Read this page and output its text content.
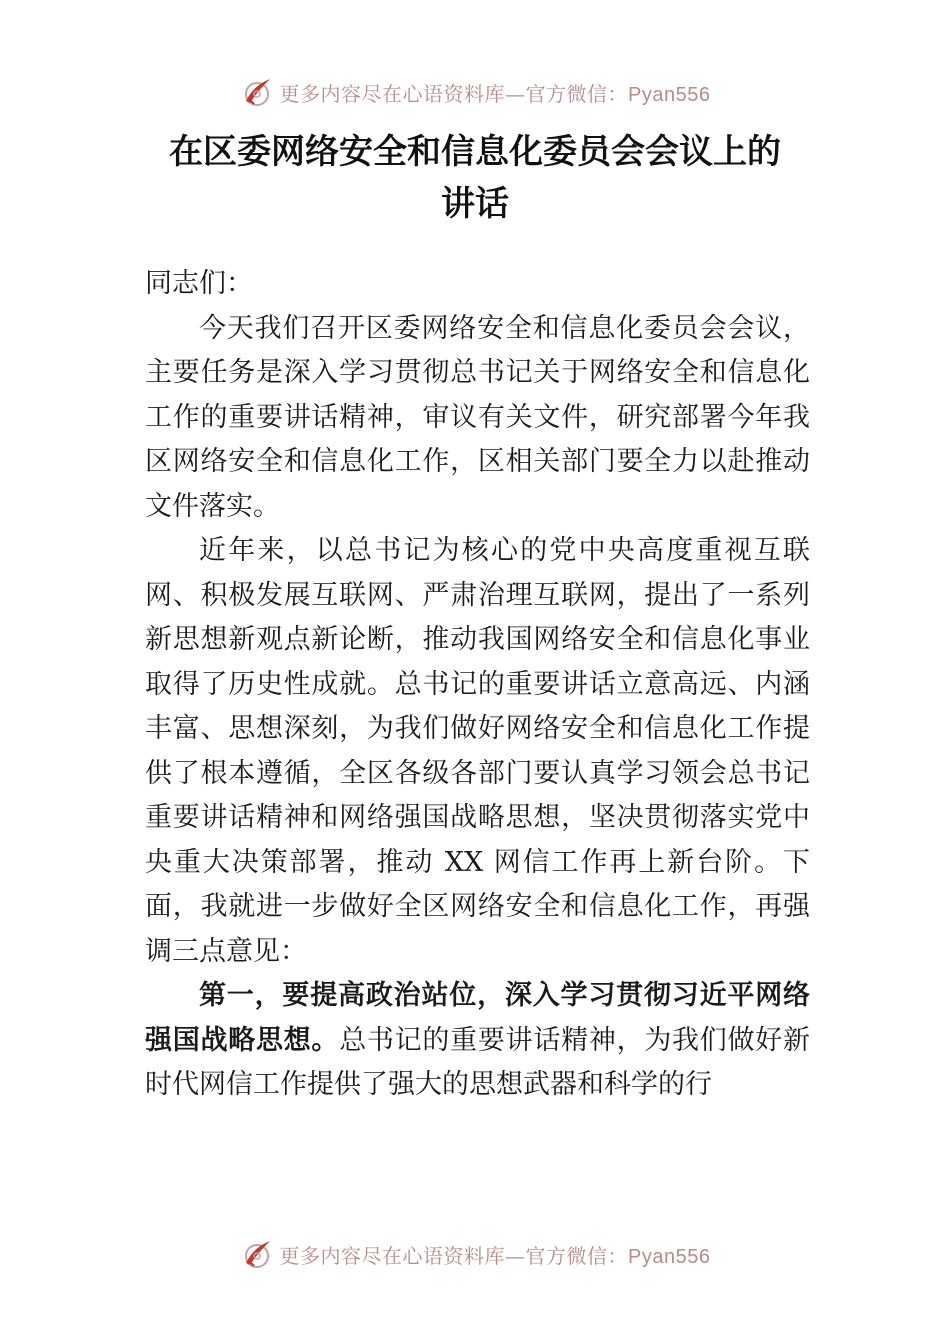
更多内容尽在心语资料库—官方微信：Pyan556
在区委网络安全和信息化委员会会议上的
讲话

同志们：

今天我们召开区委网络安全和信息化委员会会议，主要任务是深入学习贯彻总书记关于网络安全和信息化工作的重要讲话精神，审议有关文件，研究部署今年我区网络安全和信息化工作，区相关部门要全力以赴推动文件落实。

近年来，以总书记为核心的党中央高度重视互联网、积极发展互联网、严肃治理互联网，提出了一系列新思想新观点新论断，推动我国网络安全和信息化事业取得了历史性成就。总书记的重要讲话立意高远、内涵丰富、思想深刻，为我们做好网络安全和信息化工作提供了根本遵循，全区各级各部门要认真学习领会总书记重要讲话精神和网络强国战略思想，坚决贯彻落实党中央重大决策部署，推动 XX 网信工作再上新台阶。下面，我就进一步做好全区网络安全和信息化工作，再强调三点意见：

第一，要提高政治站位，深入学习贯彻习近平网络强国战略思想。总书记的重要讲话精神，为我们做好新时代网信工作提供了强大的思想武器和科学的行

更多内容尽在心语资料库—官方微信：Pyan556
